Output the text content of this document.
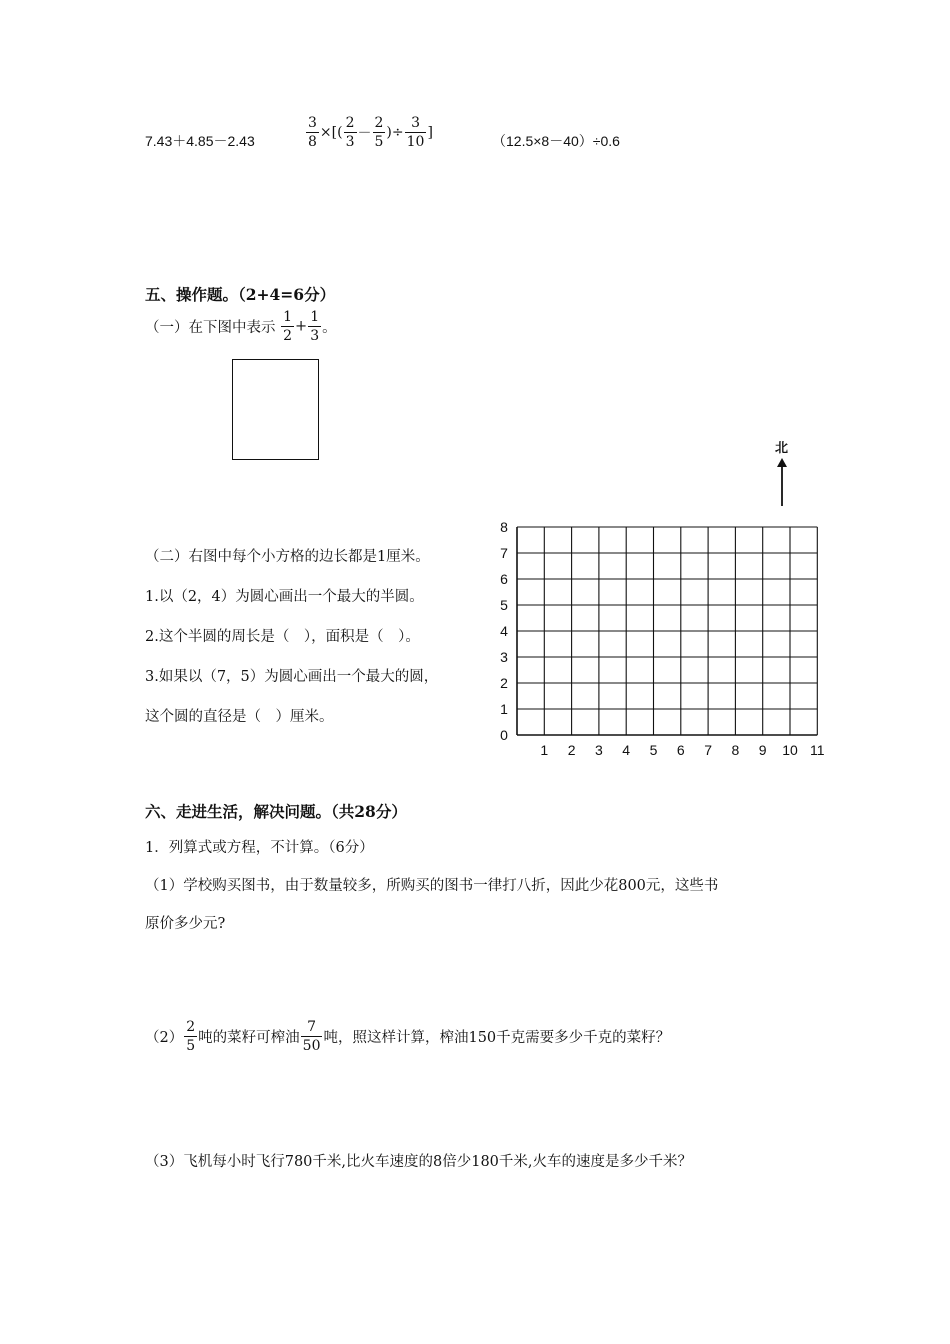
7.43＋4.85－2.43	$\frac{3}{8}$ ×[( $\frac{2}{3} - \frac{2}{5}$ )÷ $\frac{3}{10}$ ]
（12.5×8－40）÷0.6
五、操作题。（2+4=6分）
（一）在下图中表示 $\frac{1}{2} + \frac{1}{3}$ 。
（二）右图中每个小方格的边长都是1厘米。
1.以（2，4）为圆心画出一个最大的半圆。
2.这个半圆的周长是（　），面积是（　）。
3.如果以（7，5）为圆心画出一个最大的圆，
这个圆的直径是（　）厘米。
北
0
1
2
3
4
5
6
7
8
1 2 3 4 5 6 7 8 9 10 11
六、走进生活，解决问题。（共28分）
1．列算式或方程，不计算。（6分）
（1）学校购买图书，由于数量较多，所购买的图书一律打八折，因此少花800元，这些书
原价多少元?
$(2) \frac{2}{5}$ 吨的菜籽可榨油 $\frac{7}{50}$ 吨，照这样计算，榨油150千克需要多少千克的菜籽？
（3）飞机每小时飞行780千米,比火车速度的8倍少180千米,火车的速度是多少千米？
